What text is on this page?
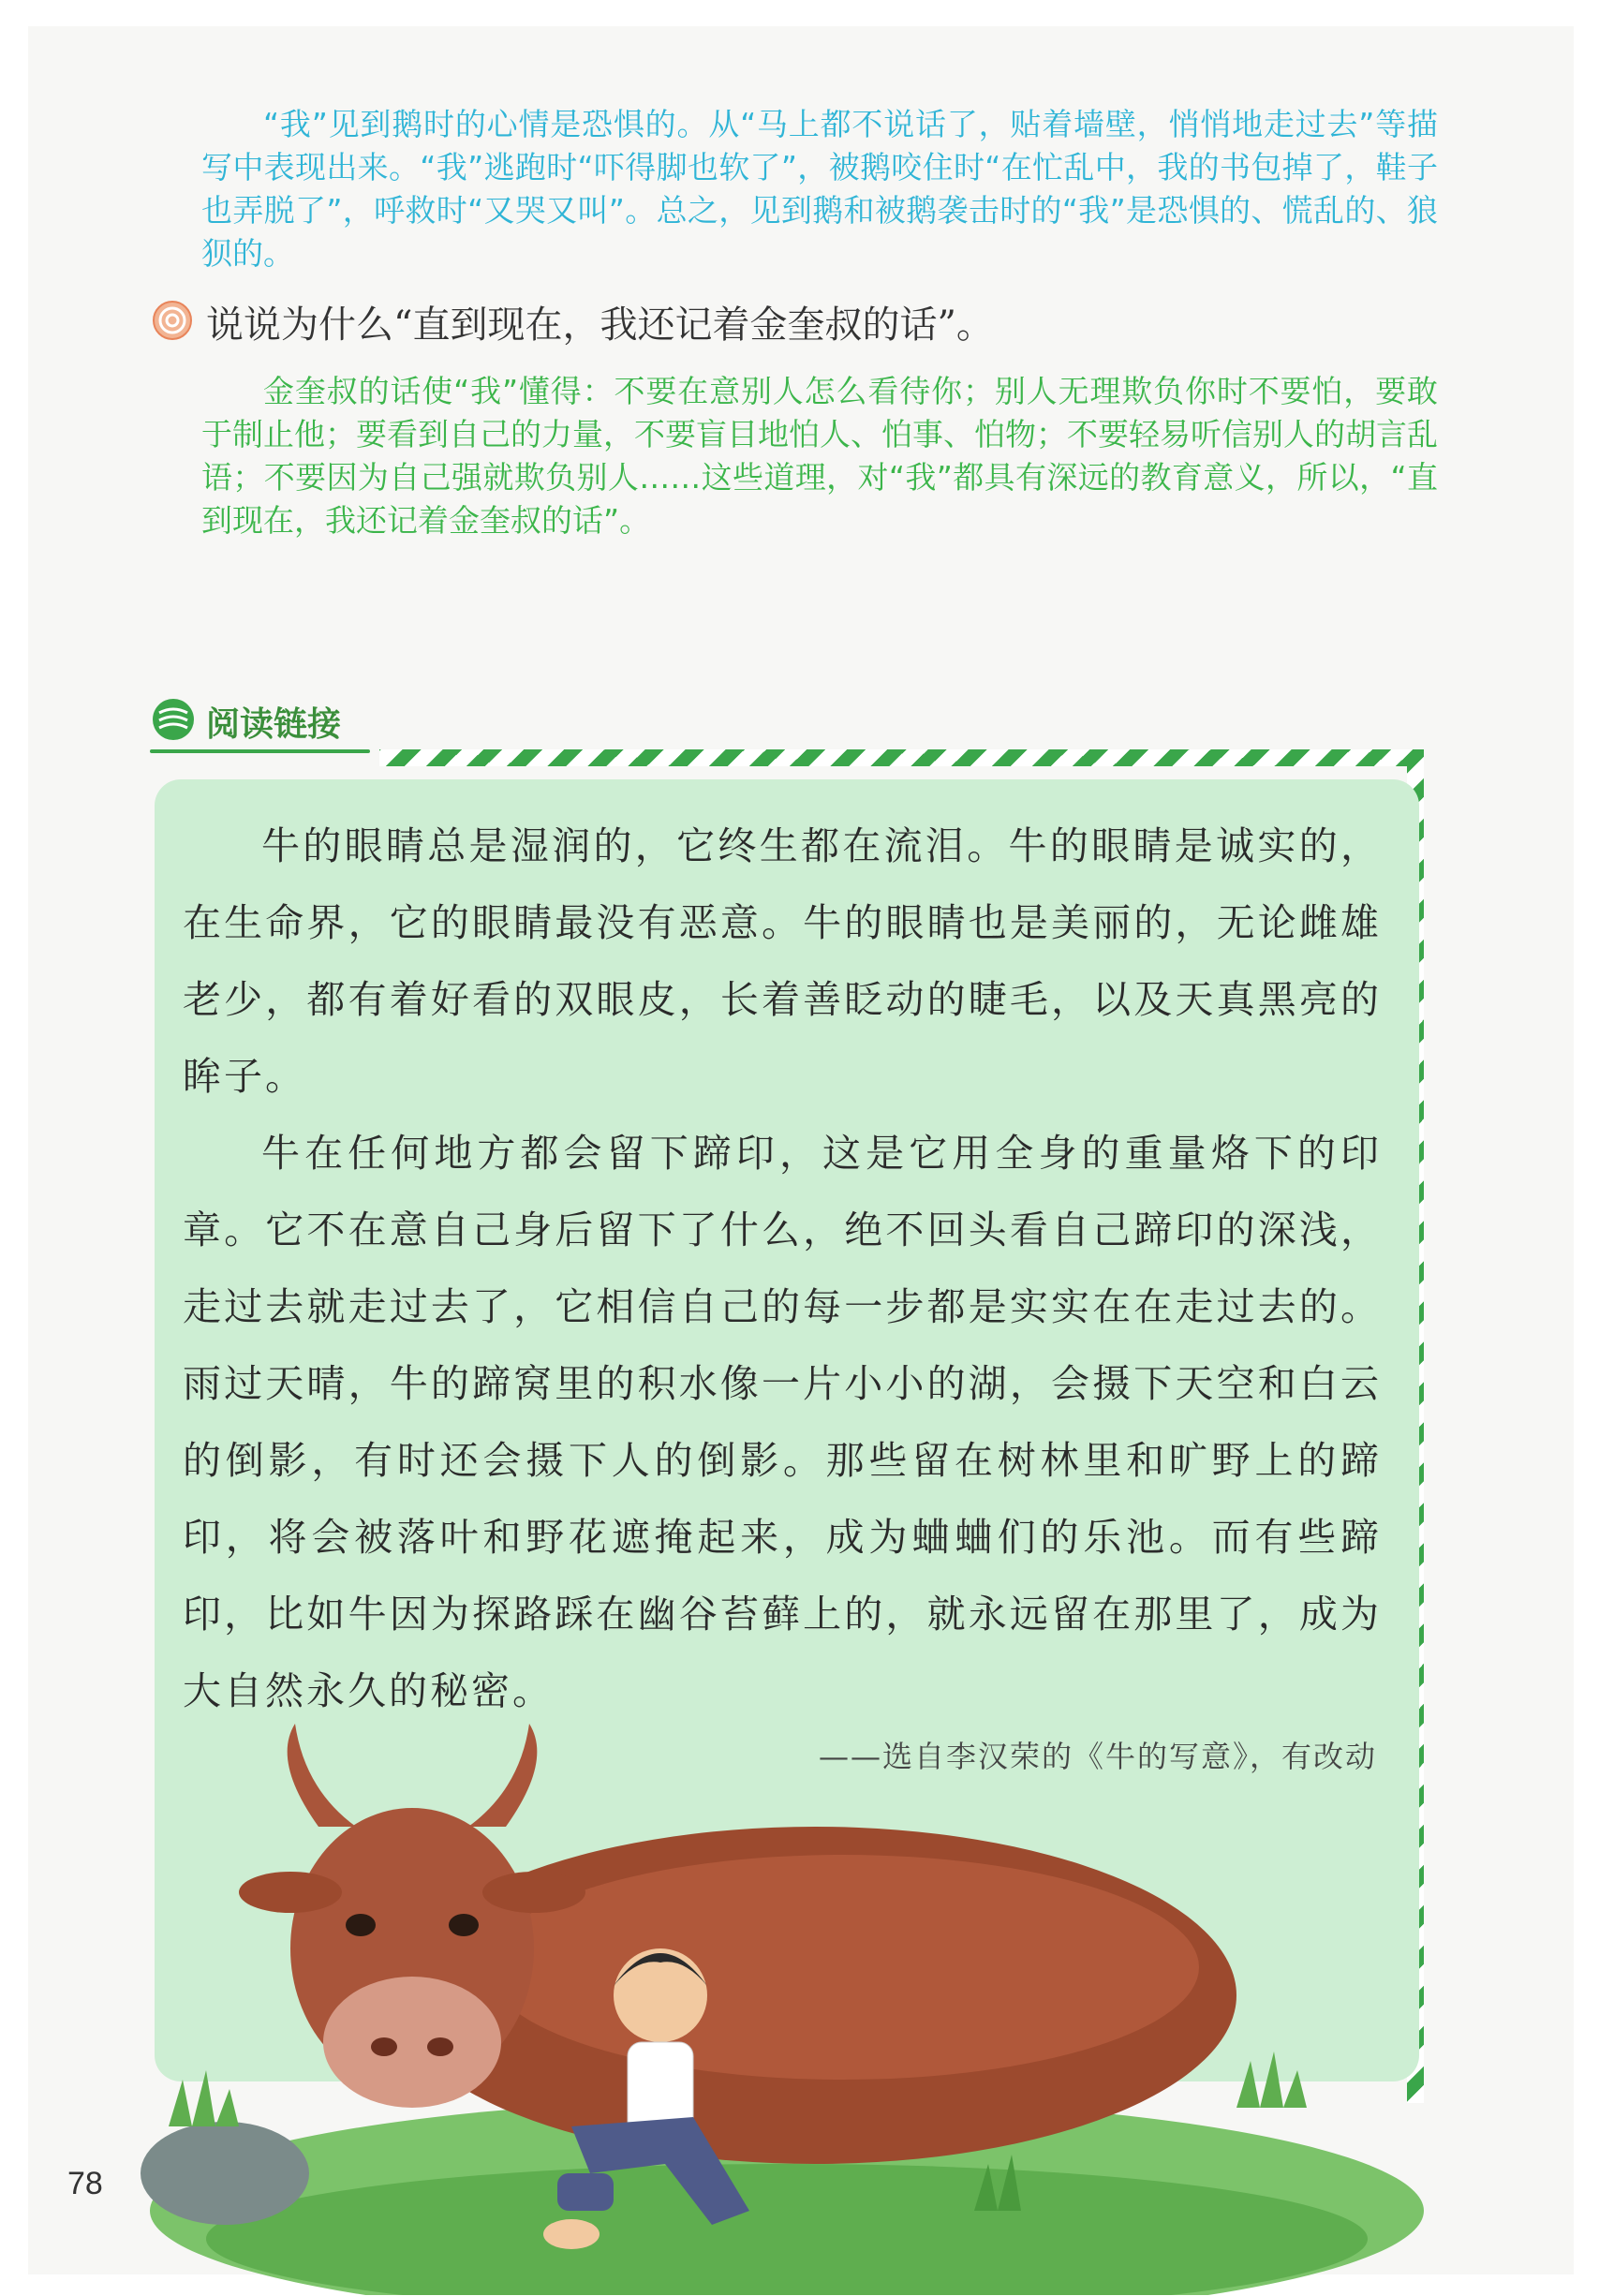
“我”见到鹅时的心情是恐惧的。从“马上都不说话了，贴着墙壁，悄悄地走过去”等描写中表现出来。“我”逃跑时“吓得脚也软了”，被鹅咬住时“在忙乱中，我的书包掉了，鞋子也弄脱了”，呼救时“又哭又叫”。总之，见到鹅和被鹅袭击时的“我”是恐惧的、慌乱的、狼狈的。

说说为什么“直到现在，我还记着金奎叔的话”。

金奎叔的话使“我”懂得：不要在意别人怎么看待你；别人无理欺负你时不要怕，要敢于制止他；要看到自己的力量，不要盲目地怕人、怕事、怕物；不要轻易听信别人的胡言乱语；不要因为自己强就欺负别人……这些道理，对“我”都具有深远的教育意义，所以，“直到现在，我还记着金奎叔的话”。

阅读链接

牛的眼睛总是湿润的，它终生都在流泪。牛的眼睛是诚实的，在生命界，它的眼睛最没有恶意。牛的眼睛也是美丽的，无论雌雄老少，都有着好看的双眼皮，长着善眨动的睫毛，以及天真黑亮的眸子。

牛在任何地方都会留下蹄印，这是它用全身的重量烙下的印章。它不在意自己身后留下了什么，绝不回头看自己蹄印的深浅，走过去就走过去了，它相信自己的每一步都是实实在在走过去的。雨过天晴，牛的蹄窝里的积水像一片小小的湖，会摄下天空和白云的倒影，有时还会摄下人的倒影。那些留在树林里和旷野上的蹄印，将会被落叶和野花遮掩起来，成为蛐蛐们的乐池。而有些蹄印，比如牛因为探路踩在幽谷苔藓上的，就永远留在那里了，成为大自然永久的秘密。

——选自李汉荣的《牛的写意》，有改动
78
